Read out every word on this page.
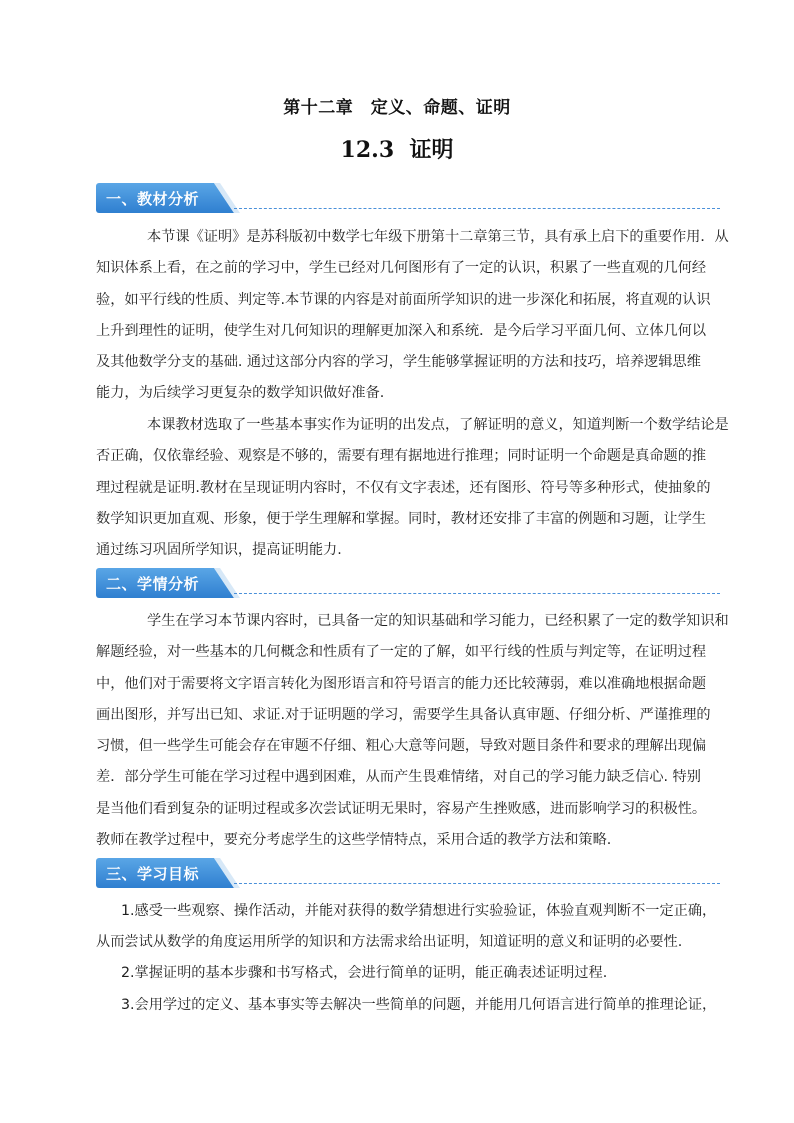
第十二章　定义、命题、证明
12.3  证明
一、教材分析
本节课《证明》是苏科版初中数学七年级下册第十二章第三节，具有承上启下的重要作用．从
知识体系上看，在之前的学习中，学生已经对几何图形有了一定的认识，积累了一些直观的几何经
验，如平行线的性质、判定等.本节课的内容是对前面所学知识的进一步深化和拓展，将直观的认识
上升到理性的证明，使学生对几何知识的理解更加深入和系统．是今后学习平面几何、立体几何以
及其他数学分支的基础. 通过这部分内容的学习，学生能够掌握证明的方法和技巧，培养逻辑思维
能力，为后续学习更复杂的数学知识做好准备.
本课教材选取了一些基本事实作为证明的出发点，了解证明的意义，知道判断一个数学结论是
否正确，仅依靠经验、观察是不够的，需要有理有据地进行推理；同时证明一个命题是真命题的推
理过程就是证明.教材在呈现证明内容时，不仅有文字表述，还有图形、符号等多种形式，使抽象的
数学知识更加直观、形象，便于学生理解和掌握。同时，教材还安排了丰富的例题和习题，让学生
通过练习巩固所学知识，提高证明能力.
二、学情分析
学生在学习本节课内容时，已具备一定的知识基础和学习能力，已经积累了一定的数学知识和
解题经验，对一些基本的几何概念和性质有了一定的了解，如平行线的性质与判定等，在证明过程
中，他们对于需要将文字语言转化为图形语言和符号语言的能力还比较薄弱，难以准确地根据命题
画出图形，并写出已知、求证.对于证明题的学习，需要学生具备认真审题、仔细分析、严谨推理的
习惯，但一些学生可能会存在审题不仔细、粗心大意等问题，导致对题目条件和要求的理解出现偏
差．部分学生可能在学习过程中遇到困难，从而产生畏难情绪，对自己的学习能力缺乏信心. 特别
是当他们看到复杂的证明过程或多次尝试证明无果时，容易产生挫败感，进而影响学习的积极性。
教师在教学过程中，要充分考虑学生的这些学情特点，采用合适的教学方法和策略.
三、学习目标
1.感受一些观察、操作活动，并能对获得的数学猜想进行实验验证，体验直观判断不一定正确，
从而尝试从数学的角度运用所学的知识和方法需求给出证明，知道证明的意义和证明的必要性.
2.掌握证明的基本步骤和书写格式，会进行简单的证明，能正确表述证明过程.
3.会用学过的定义、基本事实等去解决一些简单的问题，并能用几何语言进行简单的推理论证，
